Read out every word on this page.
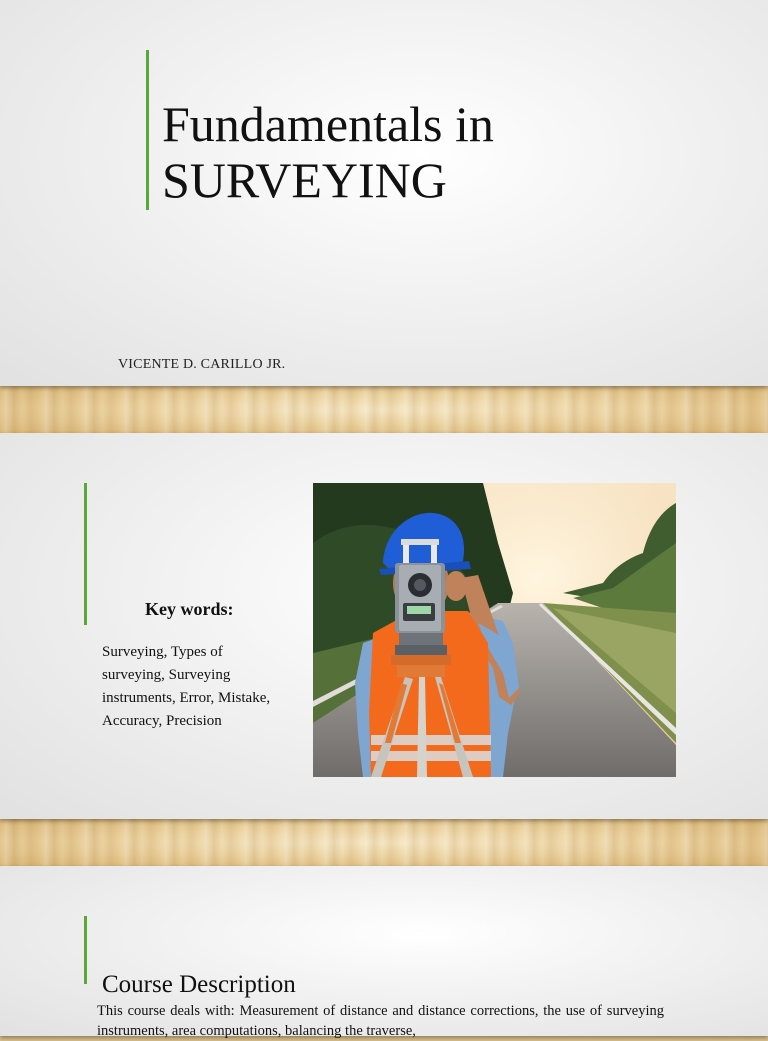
Fundamentals in
SURVEYING
VICENTE D. CARILLO JR.
Key words:
Surveying, Types of surveying, Surveying instruments, Error, Mistake, Accuracy, Precision
Course Description

This course deals with: Measurement of distance and distance corrections, the use of surveying instruments, area computations, balancing the traverse,
